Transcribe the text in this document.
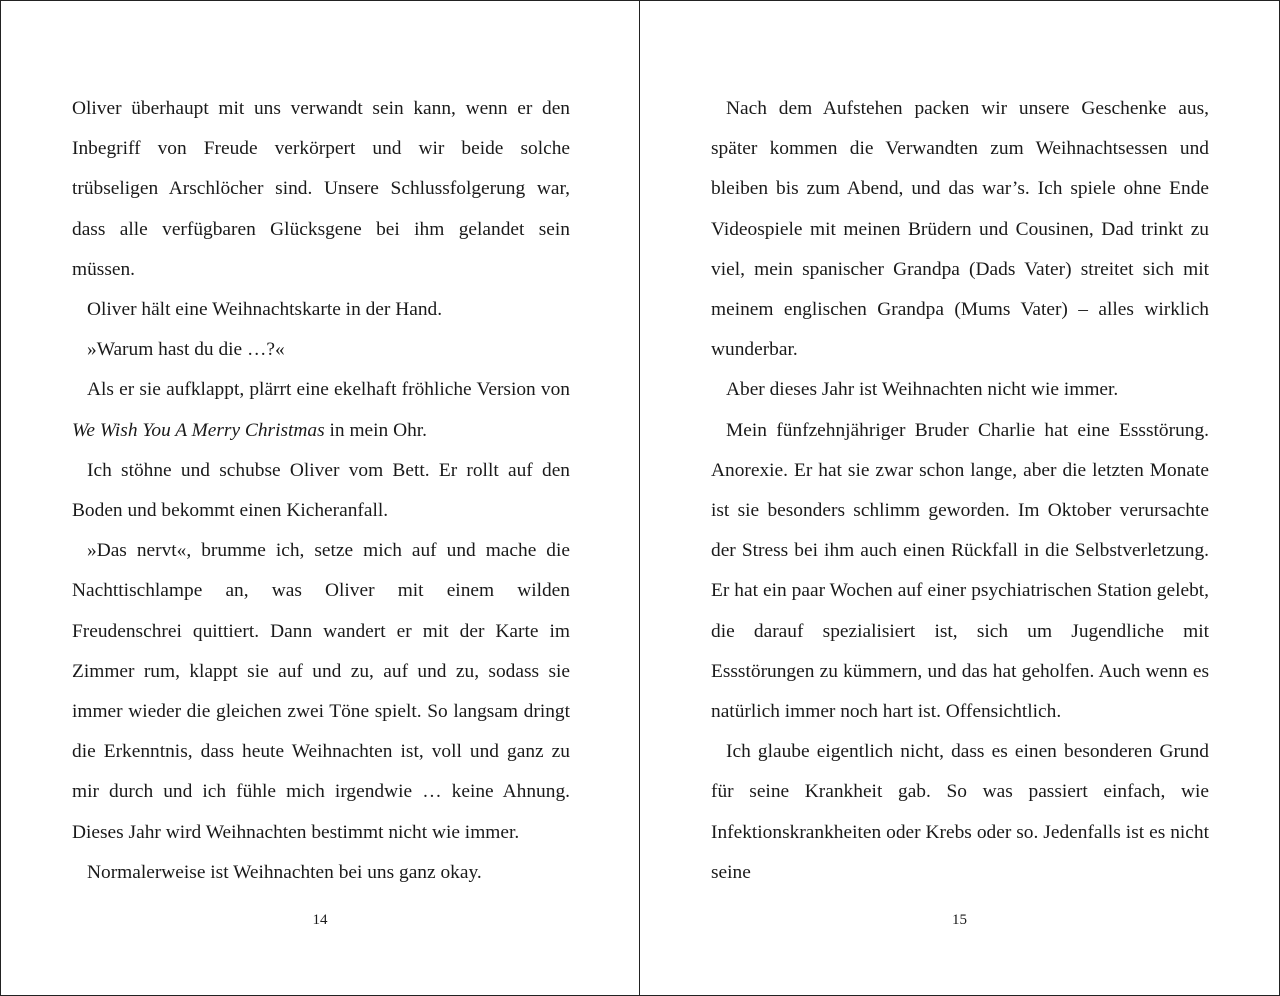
Oliver überhaupt mit uns verwandt sein kann, wenn er den Inbegriff von Freude verkörpert und wir beide solche trübseligen Arschlöcher sind. Unsere Schlussfolgerung war, dass alle verfügbaren Glücksgene bei ihm gelandet sein müssen.

Oliver hält eine Weihnachtskarte in der Hand.

»Warum hast du die …?«

Als er sie aufklappt, plärrt eine ekelhaft fröhliche Version von We Wish You A Merry Christmas in mein Ohr.

Ich stöhne und schubse Oliver vom Bett. Er rollt auf den Boden und bekommt einen Kicheranfall.

»Das nervt«, brumme ich, setze mich auf und mache die Nachttischlampe an, was Oliver mit einem wilden Freudenschrei quittiert. Dann wandert er mit der Karte im Zimmer rum, klappt sie auf und zu, auf und zu, sodass sie immer wieder die gleichen zwei Töne spielt. So langsam dringt die Erkenntnis, dass heute Weihnachten ist, voll und ganz zu mir durch und ich fühle mich irgendwie … keine Ahnung. Dieses Jahr wird Weihnachten bestimmt nicht wie immer.

Normalerweise ist Weihnachten bei uns ganz okay.

14

Nach dem Aufstehen packen wir unsere Geschenke aus, später kommen die Verwandten zum Weihnachtsessen und bleiben bis zum Abend, und das war’s. Ich spiele ohne Ende Videospiele mit meinen Brüdern und Cousinen, Dad trinkt zu viel, mein spanischer Grandpa (Dads Vater) streitet sich mit meinem englischen Grandpa (Mums Vater) – alles wirklich wunderbar.

Aber dieses Jahr ist Weihnachten nicht wie immer.

Mein fünfzehnjähriger Bruder Charlie hat eine Essstörung. Anorexie. Er hat sie zwar schon lange, aber die letzten Monate ist sie besonders schlimm geworden. Im Oktober verursachte der Stress bei ihm auch einen Rückfall in die Selbstverletzung. Er hat ein paar Wochen auf einer psychiatrischen Station gelebt, die darauf spezialisiert ist, sich um Jugendliche mit Essstörungen zu kümmern, und das hat geholfen. Auch wenn es natürlich immer noch hart ist. Offensichtlich.

Ich glaube eigentlich nicht, dass es einen besonderen Grund für seine Krankheit gab. So was passiert einfach, wie Infektionskrankheiten oder Krebs oder so. Jedenfalls ist es nicht seine

15
